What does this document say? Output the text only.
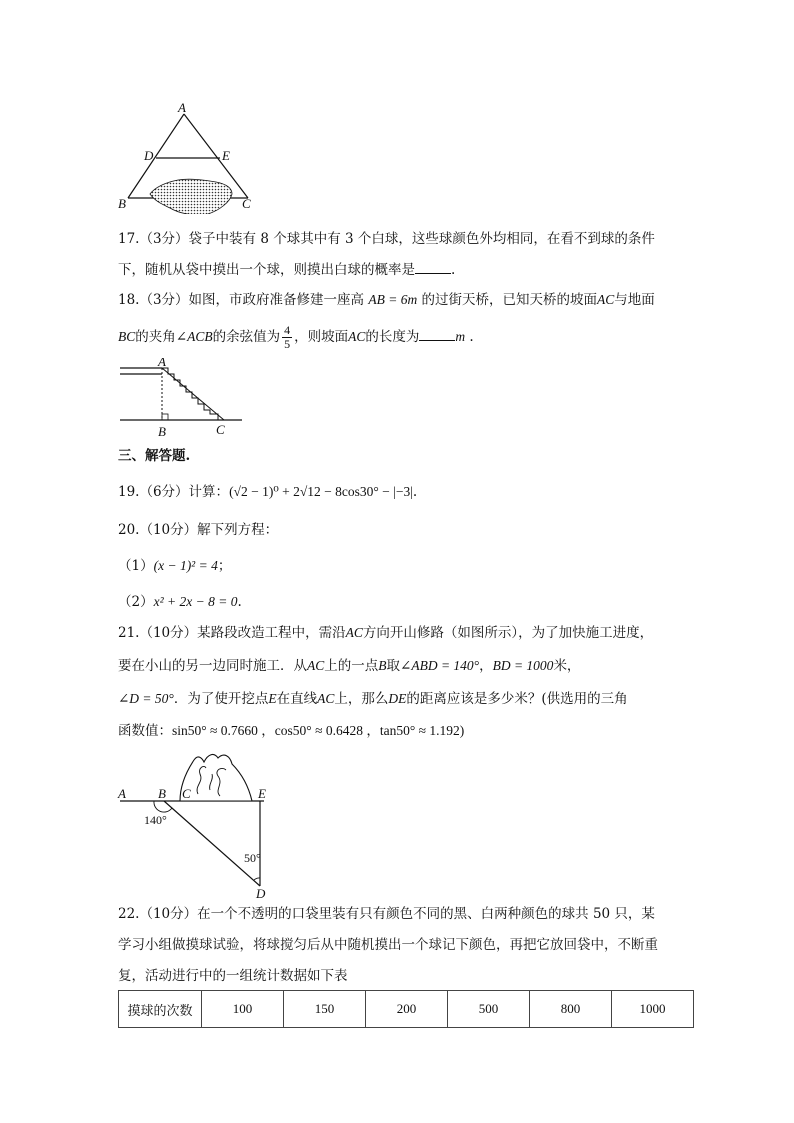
A
D	E
B	C
17.（3分）袋子中装有 8 个球其中有 3 个白球，这些球颜色外均相同，在看不到球的条件
下，随机从袋中摸出一个球，则摸出白球的概率是	.
18.（3分）如图，市政府准备修建一座高 AB = 6m 的过街天桥，已知天桥的坡面AC与地面
BC的夹角∠ACB的余弦值为 $\frac{4}{5}$ ，则坡面AC的长度为	m .
A
B	C
三、解答题.
19.（6分）计算：(√2 − 1)⁰ + 2√12 − 8cos30° − |−3|.
20.（10分）解下列方程：
（1）(x − 1)² = 4；
（2）x² + 2x − 8 = 0.
21.（10分）某路段改造工程中，需沿AC方向开山修路（如图所示），为了加快施工进度，
要在小山的另一边同时施工．从AC上的一点B取∠ABD = 140°，BD = 1000米，
∠D = 50°．为了使开挖点E在直线AC上，那么DE的距离应该是多少米？(供选用的三角
函数值：sin50° ≈ 0.7660 ，cos50° ≈ 0.6428 ，tan50° ≈ 1.192)
A B C	E
D
140°
50°
22.（10分）在一个不透明的口袋里装有只有颜色不同的黑、白两种颜色的球共 50 只，某
学习小组做摸球试验，将球搅匀后从中随机摸出一个球记下颜色，再把它放回袋中，不断重
复，活动进行中的一组统计数据如下表
摸球的次数	100	150	200	500	800	1000
